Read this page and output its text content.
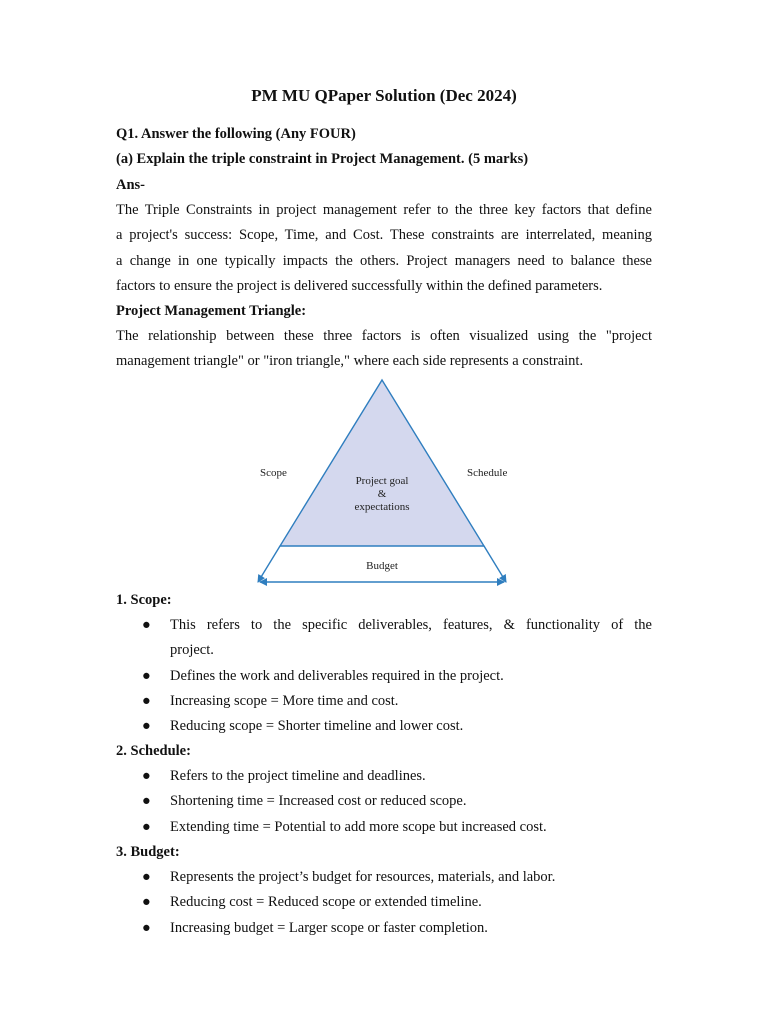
PM MU QPaper Solution (Dec 2024)
Q1. Answer the following (Any FOUR)
(a) Explain the triple constraint in Project Management. (5 marks)
Ans-
The Triple Constraints in project management refer to the three key factors that define
a project's success: Scope, Time, and Cost. These constraints are interrelated, meaning
a change in one typically impacts the others. Project managers need to balance these
factors to ensure the project is delivered successfully within the defined parameters.
Project Management Triangle:
The relationship between these three factors is often visualized using the "project
management triangle" or "iron triangle," where each side represents a constraint.
Scope	Schedule
Budget
Project goal
&
expectations
1. Scope:
● This refers to the specific deliverables, features, & functionality of the
project.
● Defines the work and deliverables required in the project.
● Increasing scope = More time and cost.
● Reducing scope = Shorter timeline and lower cost.
2. Schedule:
● Refers to the project timeline and deadlines.
● Shortening time = Increased cost or reduced scope.
● Extending time = Potential to add more scope but increased cost.
3. Budget:
● Represents the project’s budget for resources, materials, and labor.
● Reducing cost = Reduced scope or extended timeline.
● Increasing budget = Larger scope or faster completion.
